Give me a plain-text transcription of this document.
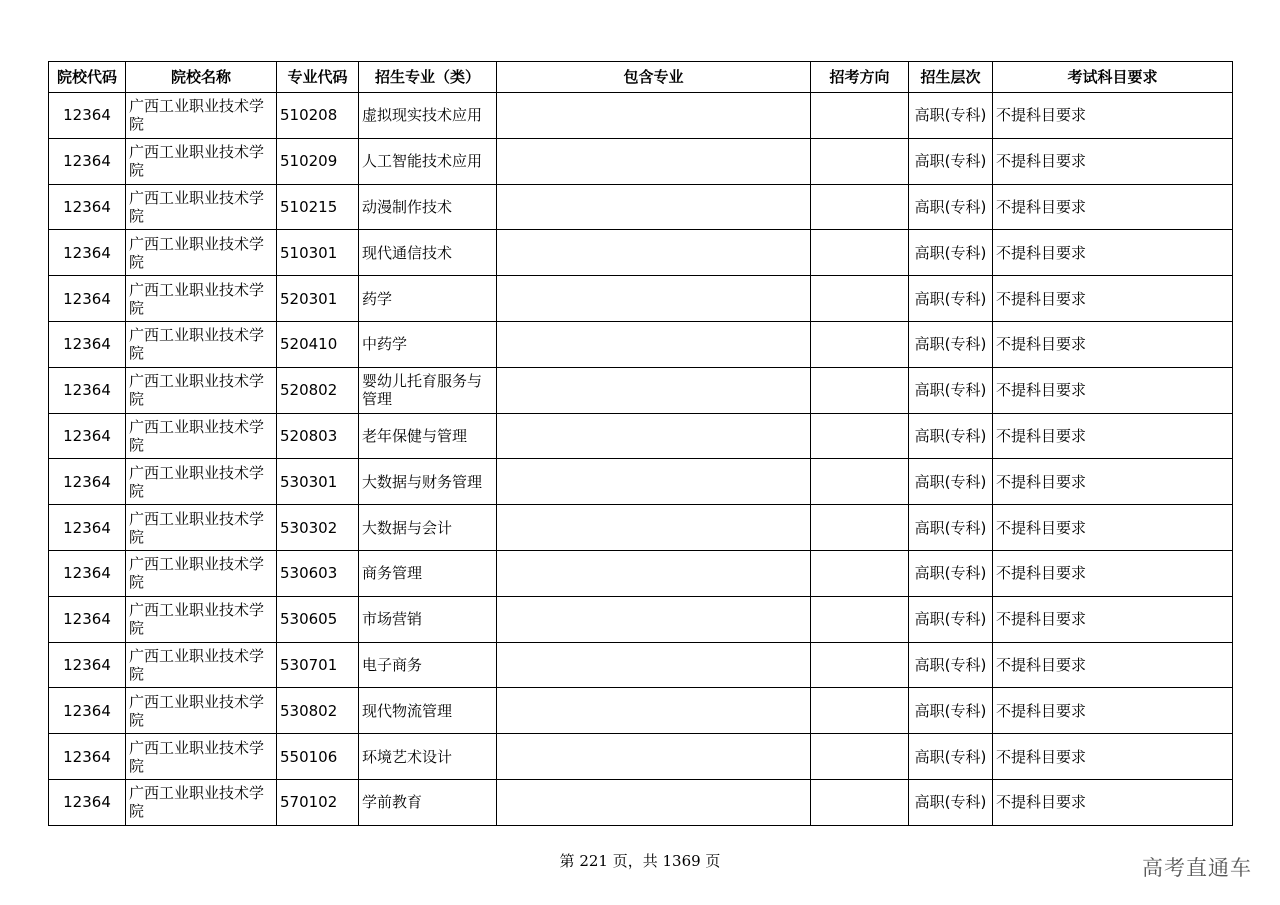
院校代码	院校名称	专业代码	招生专业（类）	包含专业	招考方向	招生层次	考试科目要求
12364	广西工业职业技术学院	510208	虚拟现实技术应用			高职(专科)	不提科目要求
12364	广西工业职业技术学院	510209	人工智能技术应用			高职(专科)	不提科目要求
12364	广西工业职业技术学院	510215	动漫制作技术			高职(专科)	不提科目要求
12364	广西工业职业技术学院	510301	现代通信技术			高职(专科)	不提科目要求
12364	广西工业职业技术学院	520301	药学			高职(专科)	不提科目要求
12364	广西工业职业技术学院	520410	中药学			高职(专科)	不提科目要求
12364	广西工业职业技术学院	520802	婴幼儿托育服务与管理			高职(专科)	不提科目要求
12364	广西工业职业技术学院	520803	老年保健与管理			高职(专科)	不提科目要求
12364	广西工业职业技术学院	530301	大数据与财务管理			高职(专科)	不提科目要求
12364	广西工业职业技术学院	530302	大数据与会计			高职(专科)	不提科目要求
12364	广西工业职业技术学院	530603	商务管理			高职(专科)	不提科目要求
12364	广西工业职业技术学院	530605	市场营销			高职(专科)	不提科目要求
12364	广西工业职业技术学院	530701	电子商务			高职(专科)	不提科目要求
12364	广西工业职业技术学院	530802	现代物流管理			高职(专科)	不提科目要求
12364	广西工业职业技术学院	550106	环境艺术设计			高职(专科)	不提科目要求
12364	广西工业职业技术学院	570102	学前教育			高职(专科)	不提科目要求
第 221 页，共 1369 页	高考直通车
